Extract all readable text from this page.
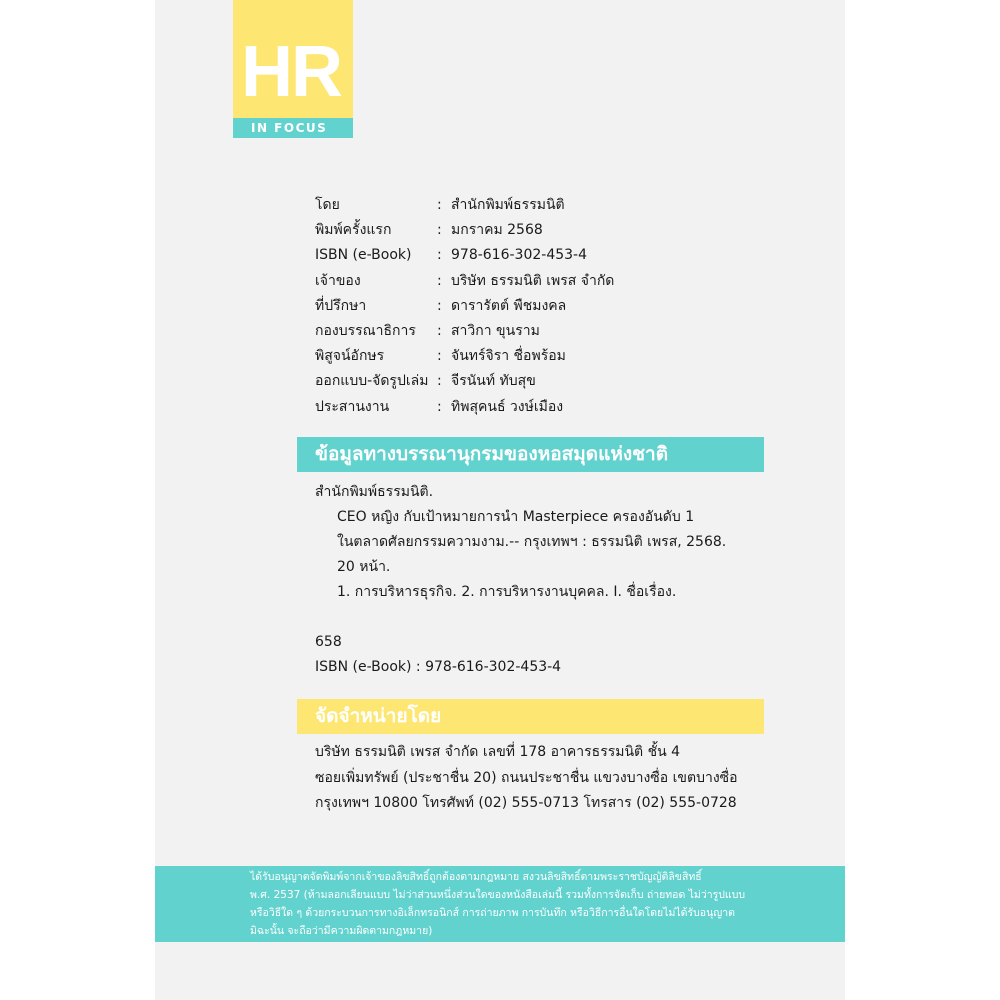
HR
IN FOCUS
โดย	: สำนักพิมพ์ธรรมนิติ
พิมพ์ครั้งแรก	: มกราคม 2568
ISBN (e-Book) : 978-616-302-453-4
เจ้าของ	: บริษัท ธรรมนิติ เพรส จำกัด
ที่ปรึกษา	: ดารารัตต์ พืชมงคล
กองบรรณาธิการ : สาวิกา ขุนราม
พิสูจน์อักษร	: จันทร์จิรา ชื่อพร้อม
ออกแบบ-จัดรูปเล่ม : จีรนันท์ ทับสุข
ประสานงาน	: ทิพสุคนธ์ วงษ์เมือง
ข้อมูลทางบรรณานุกรมของหอสมุดแห่งชาติ
สำนักพิมพ์ธรรมนิติ.
CEO หญิง กับเป้าหมายการนำ Masterpiece ครองอันดับ 1
ในตลาดศัลยกรรมความงาม.-- กรุงเทพฯ : ธรรมนิติ เพรส, 2568.
20 หน้า.
1. การบริหารธุรกิจ. 2. การบริหารงานบุคคล. I. ชื่อเรื่อง.
658
ISBN (e-Book) : 978-616-302-453-4
จัดจำหน่ายโดย
บริษัท ธรรมนิติ เพรส จำกัด เลขที่ 178 อาคารธรรมนิติ ชั้น 4
ซอยเพิ่มทรัพย์ (ประชาชื่น 20) ถนนประชาชื่น แขวงบางซื่อ เขตบางซื่อ
กรุงเทพฯ 10800 โทรศัพท์ (02) 555-0713 โทรสาร (02) 555-0728
ได้รับอนุญาตจัดพิมพ์จากเจ้าของลิขสิทธิ์ถูกต้องตามกฎหมาย สงวนลิขสิทธิ์ตามพระราชบัญญัติลิขสิทธิ์
พ.ศ. 2537 (ห้ามลอกเลียนแบบ ไม่ว่าส่วนหนึ่งส่วนใดของหนังสือเล่มนี้ รวมทั้งการจัดเก็บ ถ่ายทอด ไม่ว่ารูปแบบ
หรือวิธีใด ๆ ด้วยกระบวนการทางอิเล็กทรอนิกส์ การถ่ายภาพ การบันทึก หรือวิธีการอื่นใดโดยไม่ได้รับอนุญาต
มิฉะนั้น จะถือว่ามีความผิดตามกฎหมาย)
